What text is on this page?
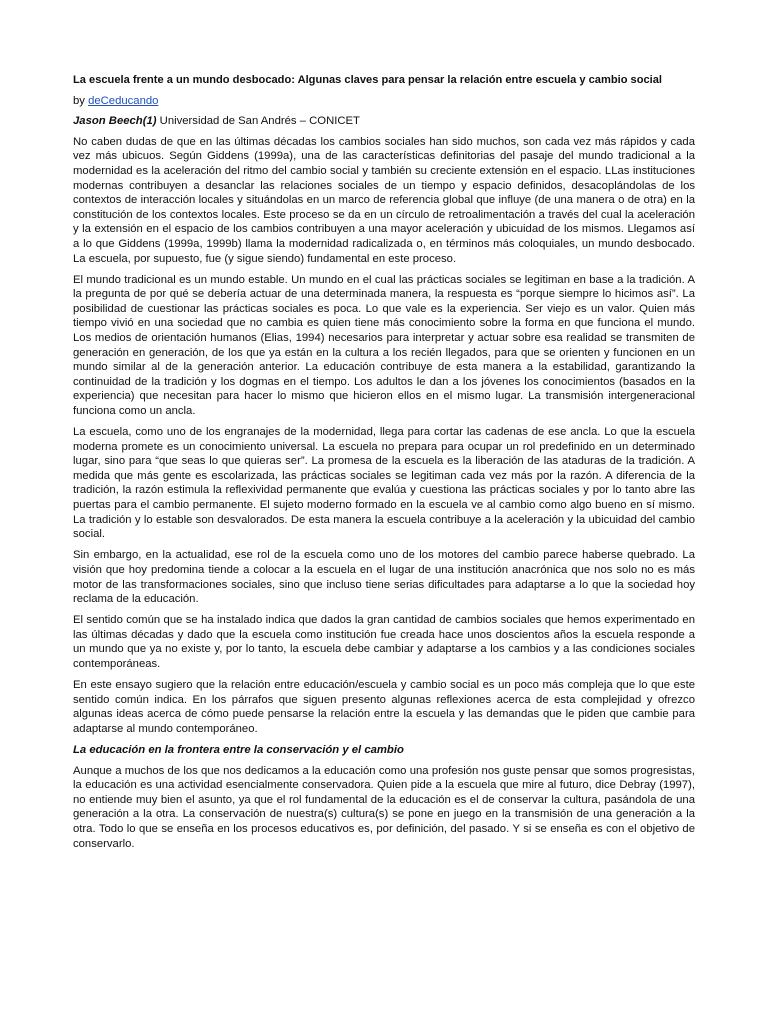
La escuela frente a un mundo desbocado: Algunas claves para pensar la relación entre escuela y cambio social
by deCeducando
Jason Beech(1) Universidad de San Andrés – CONICET

No caben dudas de que en las últimas décadas los cambios sociales han sido muchos, son cada vez más rápidos y cada vez más ubicuos. Según Giddens (1999a), una de las características definitorias del pasaje del mundo tradicional a la modernidad es la aceleración del ritmo del cambio social y también su creciente extensión en el espacio. LLas instituciones modernas contribuyen a desanclar las relaciones sociales de un tiempo y espacio definidos, desacoplándolas de los contextos de interacción locales y situándolas en un marco de referencia global que influye (de una manera o de otra) en la constitución de los contextos locales. Este proceso se da en un círculo de retroalimentación a través del cual la aceleración y la extensión en el espacio de los cambios contribuyen a una mayor aceleración y ubicuidad de los mismos. Llegamos así a lo que Giddens (1999a, 1999b) llama la modernidad radicalizada o, en términos más coloquiales, un mundo desbocado. La escuela, por supuesto, fue (y sigue siendo) fundamental en este proceso.

El mundo tradicional es un mundo estable. Un mundo en el cual las prácticas sociales se legitiman en base a la tradición. A la pregunta de por qué se debería actuar de una determinada manera, la respuesta es “porque siempre lo hicimos así”. La posibilidad de cuestionar las prácticas sociales es poca. Lo que vale es la experiencia. Ser viejo es un valor. Quien más tiempo vivió en una sociedad que no cambia es quien tiene más conocimiento sobre la forma en que funciona el mundo. Los medios de orientación humanos (Elias, 1994) necesarios para interpretar y actuar sobre esa realidad se transmiten de generación en generación, de los que ya están en la cultura a los recién llegados, para que se orienten y funcionen en un mundo similar al de la generación anterior. La educación contribuye de esta manera a la estabilidad, garantizando la continuidad de la tradición y los dogmas en el tiempo. Los adultos le dan a los jóvenes los conocimientos (basados en la experiencia) que necesitan para hacer lo mismo que hicieron ellos en el mismo lugar. La transmisión intergeneracional funciona como un ancla.

La escuela, como uno de los engranajes de la modernidad, llega para cortar las cadenas de ese ancla. Lo que la escuela moderna promete es un conocimiento universal. La escuela no prepara para ocupar un rol predefinido en un determinado lugar, sino para “que seas lo que quieras ser”. La promesa de la escuela es la liberación de las ataduras de la tradición. A medida que más gente es escolarizada, las prácticas sociales se legitiman cada vez más por la razón. A diferencia de la tradición, la razón estimula la reflexividad permanente que evalúa y cuestiona las prácticas sociales y por lo tanto abre las puertas para el cambio permanente. El sujeto moderno formado en la escuela ve al cambio como algo bueno en sí mismo. La tradición y lo estable son desvalorados. De esta manera la escuela contribuye a la aceleración y la ubicuidad del cambio social.

Sin embargo, en la actualidad, ese rol de la escuela como uno de los motores del cambio parece haberse quebrado. La visión que hoy predomina tiende a colocar a la escuela en el lugar de una institución anacrónica que nos solo no es más motor de las transformaciones sociales, sino que incluso tiene serias dificultades para adaptarse a lo que la sociedad hoy reclama de la educación.

El sentido común que se ha instalado indica que dados la gran cantidad de cambios sociales que hemos experimentado en las últimas décadas y dado que la escuela como institución fue creada hace unos doscientos años la escuela responde a un mundo que ya no existe y, por lo tanto, la escuela debe cambiar y adaptarse a los cambios y a las condiciones sociales contemporáneas.

En este ensayo sugiero que la relación entre educación/escuela y cambio social es un poco más compleja que lo que este sentido común indica. En los párrafos que siguen presento algunas reflexiones acerca de esta complejidad y ofrezco algunas ideas acerca de cómo puede pensarse la relación entre la escuela y las demandas que le piden que cambie para adaptarse al mundo contemporáneo.

La educación en la frontera entre la conservación y el cambio

Aunque a muchos de los que nos dedicamos a la educación como una profesión nos guste pensar que somos progresistas, la educación es una actividad esencialmente conservadora. Quien pide a la escuela que mire al futuro, dice Debray (1997), no entiende muy bien el asunto, ya que el rol fundamental de la educación es el de conservar la cultura, pasándola de una generación a la otra. La conservación de nuestra(s) cultura(s) se pone en juego en la transmisión de una generación a la otra. Todo lo que se enseña en los procesos educativos es, por definición, del pasado. Y si se enseña es con el objetivo de conservarlo.
